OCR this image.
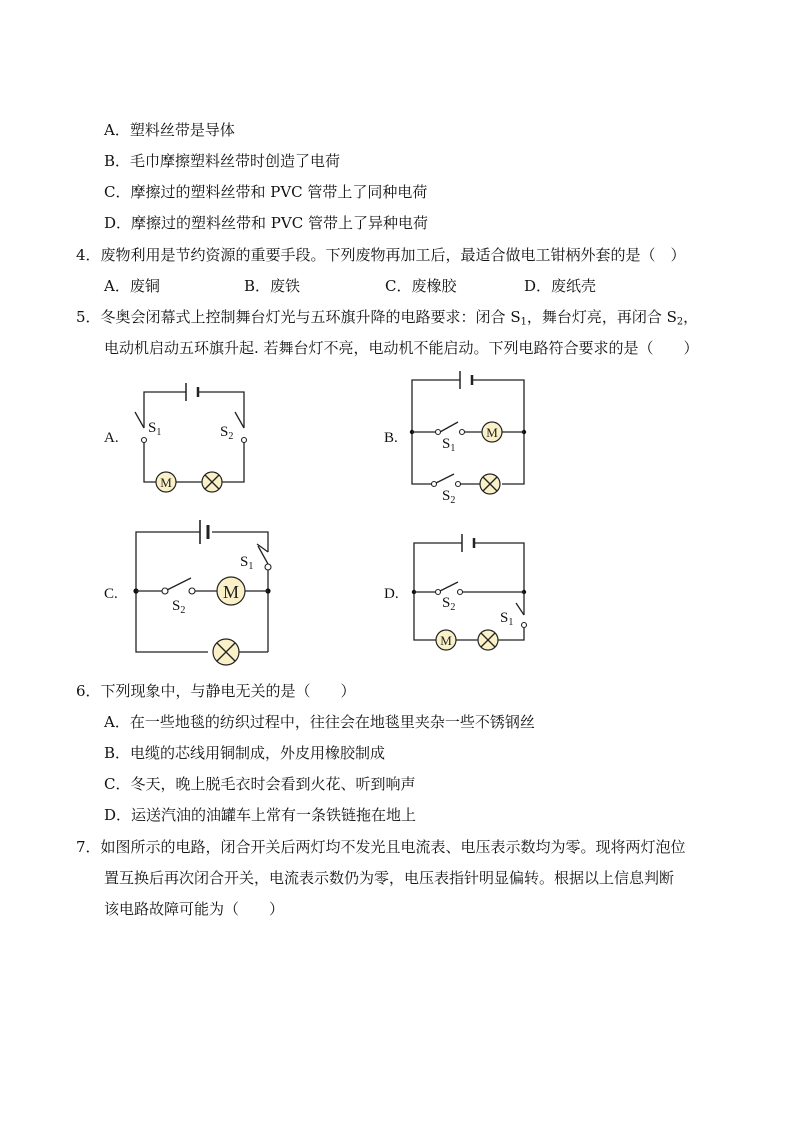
A．塑料丝带是导体
B．毛巾摩擦塑料丝带时创造了电荷
C．摩擦过的塑料丝带和 PVC 管带上了同种电荷
D．摩擦过的塑料丝带和 PVC 管带上了异种电荷
4．废物利用是节约资源的重要手段。下列废物再加工后，最适合做电工钳柄外套的是（　）
A．废铜	B．废铁	C．废橡胶	D．废纸壳
5．冬奥会闭幕式上控制舞台灯光与五环旗升降的电路要求：闭合 S1，舞台灯亮，再闭合 S2，
电动机启动五环旗升起. 若舞台灯不亮，电动机不能启动。下列电路符合要求的是（　　）
A.
M
$S_1$	$S_2$	B.	M
$S_1$
$S_2$
C.	M
$S_1$
$S_2$
D.
M
$S_1$
$S_2$
6．下列现象中，与静电无关的是（　　）
A．在一些地毯的纺织过程中，往往会在地毯里夹杂一些不锈钢丝
B．电缆的芯线用铜制成，外皮用橡胶制成
C．冬天，晚上脱毛衣时会看到火花、听到响声
D．运送汽油的油罐车上常有一条铁链拖在地上
7．如图所示的电路，闭合开关后两灯均不发光且电流表、电压表示数均为零。现将两灯泡位
置互换后再次闭合开关，电流表示数仍为零，电压表指针明显偏转。根据以上信息判断
该电路故障可能为（　　）
